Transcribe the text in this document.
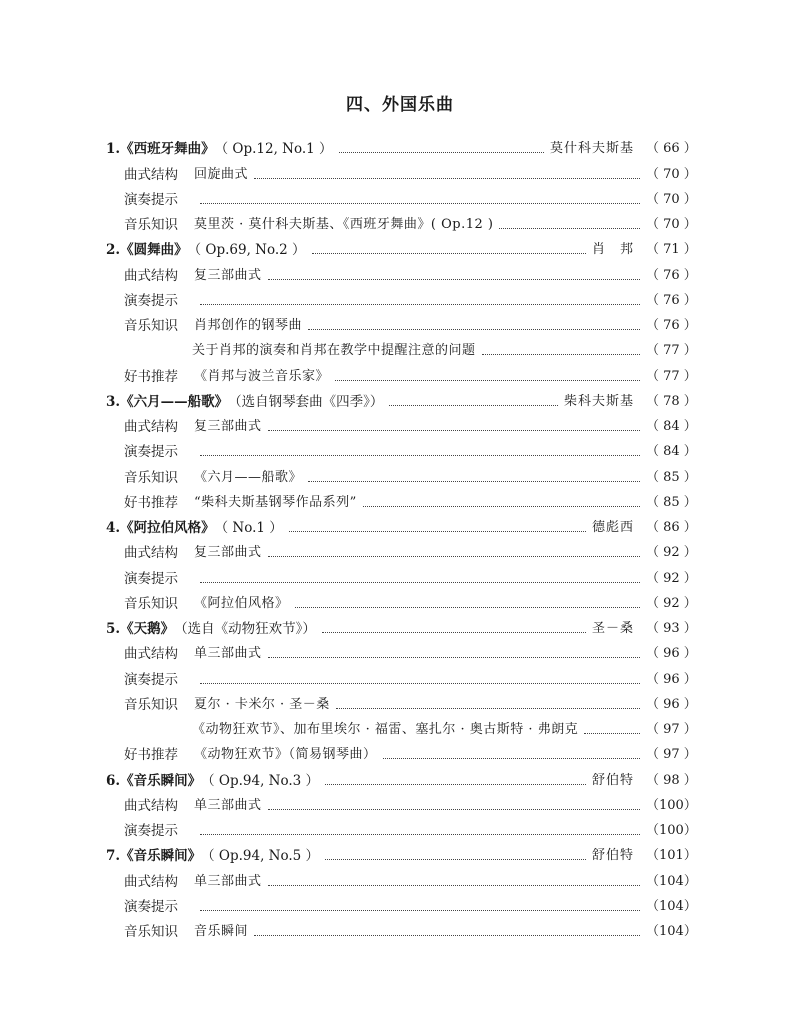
四、外国乐曲
1.《西班牙舞曲》 （ Op.12, No.1 ）	莫什科夫斯基 （ 66 ）
曲式结构	回旋曲式	（ 70 ）
演奏提示	（ 70 ）
音乐知识	莫里茨 · 莫什科夫斯基、《西班牙舞曲》( Op.12 )	（ 70 ）
2.《圆舞曲》 （ Op.69, No.2 ）	肖　邦 （ 71 ）
曲式结构	复三部曲式	（ 76 ）
演奏提示	（ 76 ）
音乐知识	肖邦创作的钢琴曲	（ 76 ）
关于肖邦的演奏和肖邦在教学中提醒注意的问题	（ 77 ）
好书推荐	《肖邦与波兰音乐家》	（ 77 ）
3.《六月——船歌》 （选自钢琴套曲《四季》）	柴科夫斯基 （ 78 ）
曲式结构	复三部曲式	（ 84 ）
演奏提示	（ 84 ）
音乐知识	《六月——船歌》	（ 85 ）
好书推荐	“柴科夫斯基钢琴作品系列”	（ 85 ）
4.《阿拉伯风格》 （ No.1 ）	德彪西 （ 86 ）
曲式结构	复三部曲式	（ 92 ）
演奏提示	（ 92 ）
音乐知识	《阿拉伯风格》	（ 92 ）
5.《天鹅》 （选自《动物狂欢节》）	圣－桑 （ 93 ）
曲式结构	单三部曲式	（ 96 ）
演奏提示	（ 96 ）
音乐知识	夏尔 · 卡米尔 · 圣－桑	（ 96 ）
《动物狂欢节》、加布里埃尔 · 福雷、塞扎尔 · 奥古斯特 · 弗朗克	（ 97 ）
好书推荐	《动物狂欢节》（简易钢琴曲）	（ 97 ）
6.《音乐瞬间》 （ Op.94, No.3 ）	舒伯特 （ 98 ）
曲式结构	单三部曲式	（100）
演奏提示	（100）
7.《音乐瞬间》 （ Op.94, No.5 ）	舒伯特 （101）
曲式结构	单三部曲式	（104）
演奏提示	（104）
音乐知识	音乐瞬间	（104）
